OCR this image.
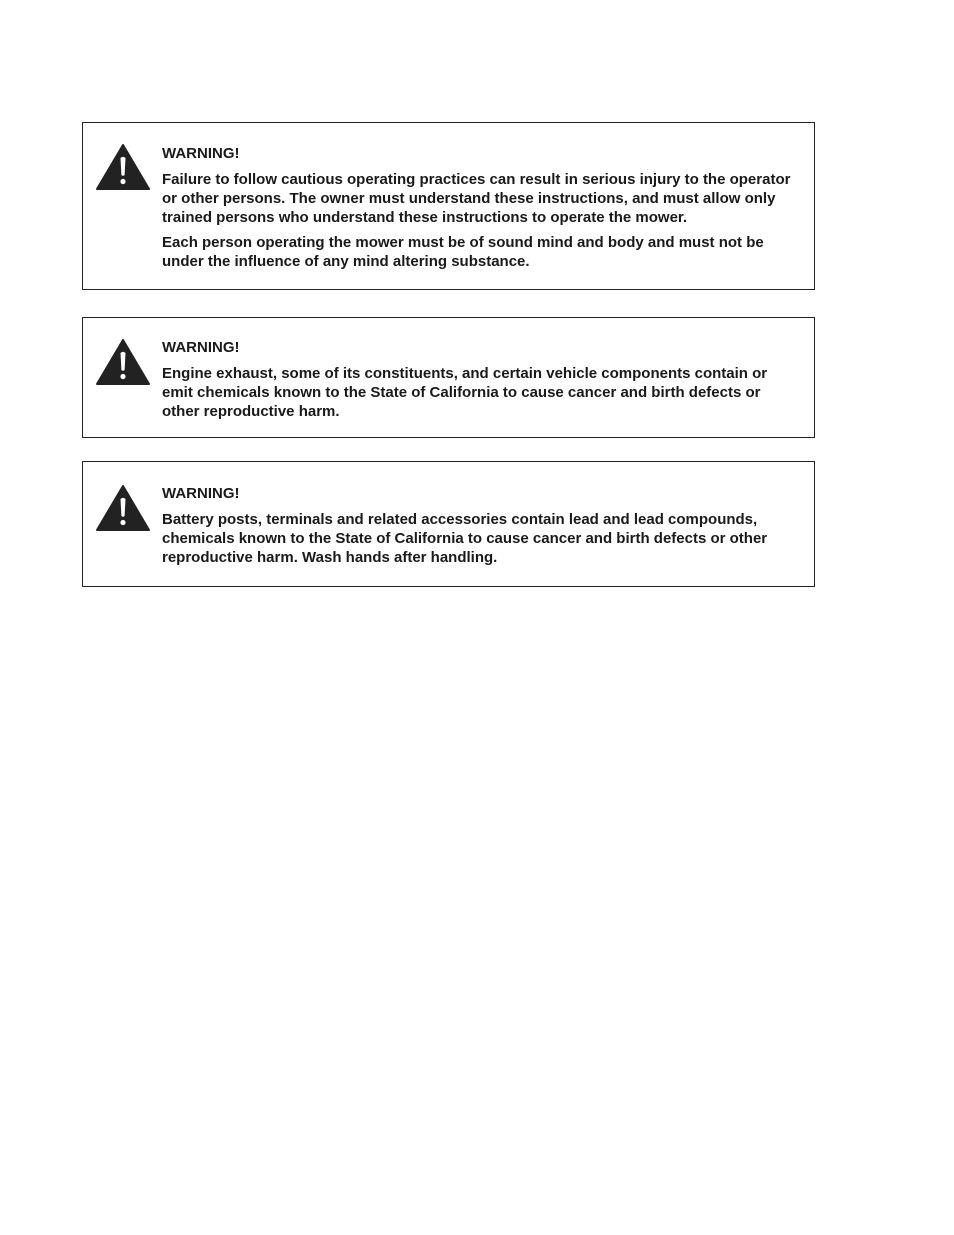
WARNING!

Failure to follow cautious operating practices can result in serious injury to the operator or other persons. The owner must understand these instructions, and must allow only trained persons who understand these instructions to operate the mower.

Each person operating the mower must be of sound mind and body and must not be under the influence of any mind altering substance.

WARNING!

Engine exhaust, some of its constituents, and certain vehicle components contain or emit chemicals known to the State of California to cause cancer and birth defects or other reproductive harm.

WARNING!

Battery posts, terminals and related accessories contain lead and lead compounds, chemicals known to the State of California to cause cancer and birth defects or other reproductive harm. Wash hands after handling.
